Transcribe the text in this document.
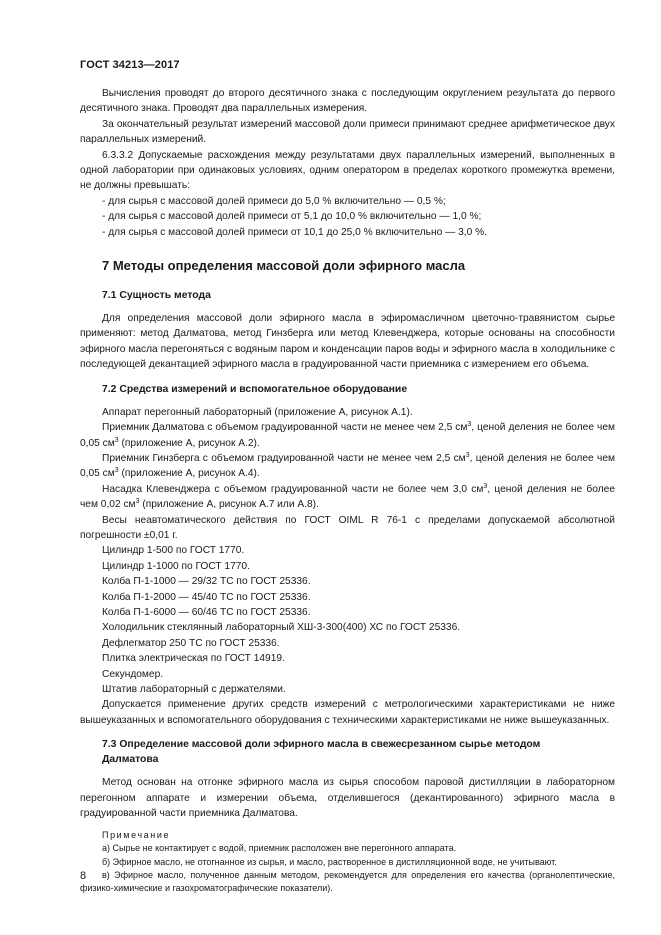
ГОСТ 34213—2017

Вычисления проводят до второго десятичного знака с последующим округлением результата до первого десятичного знака. Проводят два параллельных измерения.

За окончательный результат измерений массовой доли примеси принимают среднее арифметическое двух параллельных измерений.

6.3.3.2 Допускаемые расхождения между результатами двух параллельных измерений, выполненных в одной лаборатории при одинаковых условиях, одним оператором в пределах короткого промежутка времени, не должны превышать:

- для сырья с массовой долей примеси до 5,0 % включительно — 0,5 %;

- для сырья с массовой долей примеси от 5,1 до 10,0 % включительно — 1,0 %;

- для сырья с массовой долей примеси от 10,1 до 25,0 % включительно — 3,0 %.

7 Методы определения массовой доли эфирного масла
7.1 Сущность метода

Для определения массовой доли эфирного масла в эфиромасличном цветочно-травянистом сырье применяют: метод Далматова, метод Гинзберга или метод Клевенджера, которые основаны на способности эфирного масла перегоняться с водяным паром и конденсации паров воды и эфирного масла в холодильнике с последующей декантацией эфирного масла в градуированной части приемника с измерением его объема.

7.2 Средства измерений и вспомогательное оборудование

Аппарат перегонный лабораторный (приложение А, рисунок А.1).

Приемник Далматова с объемом градуированной части не менее чем 2,5 $см^3$, ценой деления не более чем 0,05 $см^3$ (приложение А, рисунок А.2).

Приемник Гинзберга с объемом градуированной части не менее чем 2,5 $см^3$, ценой деления не более чем 0,05 $см^3$ (приложение А, рисунок А.4).

Насадка Клевенджера с объемом градуированной части не более чем 3,0 $см^3$, ценой деления не более чем 0,02 $см^3$ (приложение А, рисунок А.7 или А.8).

Весы неавтоматического действия по ГОСТ OIML R 76-1 с пределами допускаемой абсолютной погрешности ±0,01 г.

Цилиндр 1-500 по ГОСТ 1770.

Цилиндр 1-1000 по ГОСТ 1770.

Колба П-1-1000 — 29/32 ТС по ГОСТ 25336.

Колба П-1-2000 — 45/40 ТС по ГОСТ 25336.

Колба П-1-6000 — 60/46 ТС по ГОСТ 25336.

Холодильник стеклянный лабораторный ХШ-3-300(400) ХС по ГОСТ 25336.

Дефлегматор 250 ТС по ГОСТ 25336.

Плитка электрическая по ГОСТ 14919.

Секундомер.

Штатив лабораторный с держателями.

Допускается применение других средств измерений с метрологическими характеристиками не ниже вышеуказанных и вспомогательного оборудования с техническими характеристиками не ниже вышеуказанных.

7.3 Определение массовой доли эфирного масла в свежесрезанном сырье методом
Далматова

Метод основан на отгонке эфирного масла из сырья способом паровой дистилляции в лабораторном перегонном аппарате и измерении объема, отделившегося (декантированного) эфирного масла в градуированной части приемника Далматова.

Примечание

а) Сырье не контактирует с водой, приемник расположен вне перегонного аппарата.

б) Эфирное масло, не отогнанное из сырья, и масло, растворенное в дистилляционной воде, не учитывают.

в) Эфирное масло, полученное данным методом, рекомендуется для определения его качества (органолептические, физико-химические и газохроматографические показатели).

8
